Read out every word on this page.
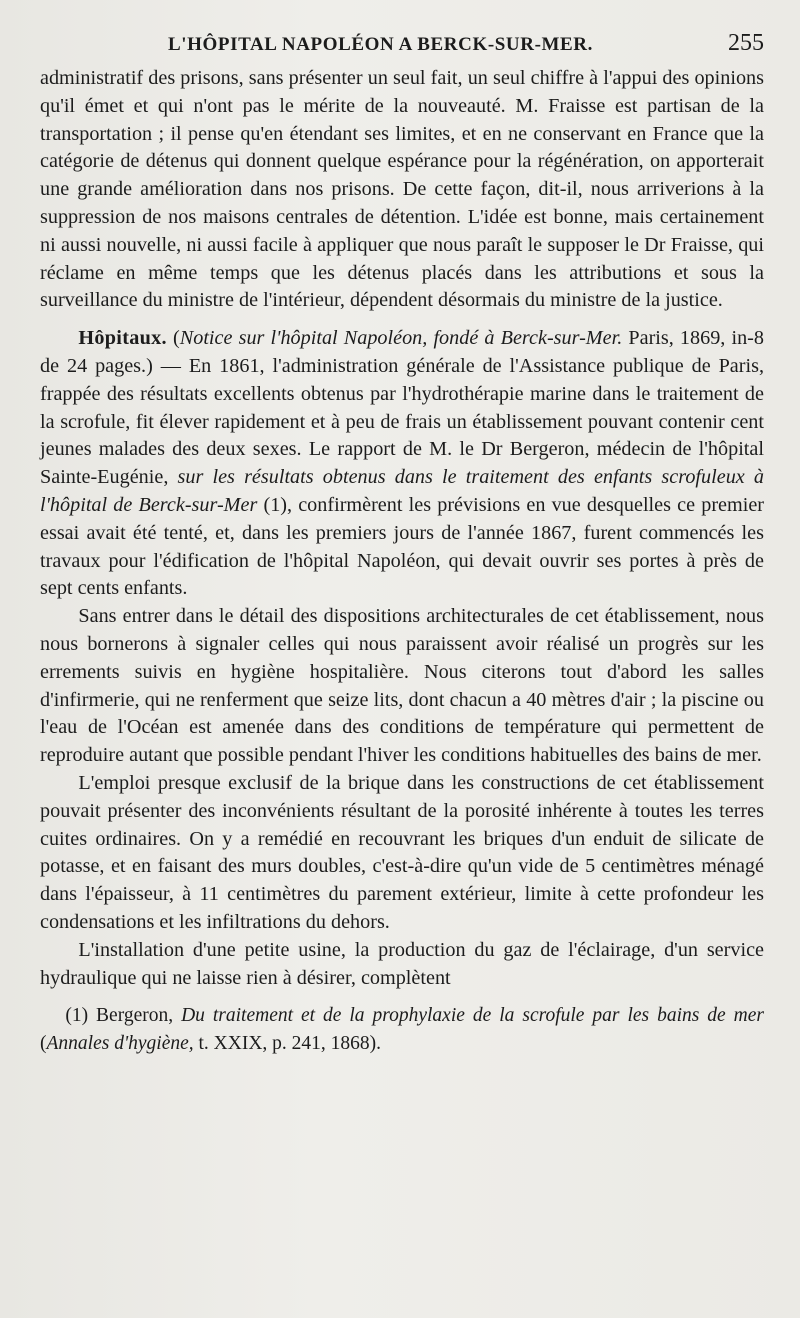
L'HÔPITAL NAPOLÉON A BERCK-SUR-MER.	255

administratif des prisons, sans présenter un seul fait, un seul chiffre à l'appui des opinions qu'il émet et qui n'ont pas le mérite de la nouveauté. M. Fraisse est partisan de la transportation ; il pense qu'en étendant ses limites, et en ne conservant en France que la catégorie de détenus qui donnent quelque espérance pour la régénération, on apporterait une grande amélioration dans nos prisons. De cette façon, dit-il, nous arriverions à la suppression de nos maisons centrales de détention. L'idée est bonne, mais certainement ni aussi nouvelle, ni aussi facile à appliquer que nous paraît le supposer le Dr Fraisse, qui réclame en même temps que les détenus placés dans les attributions et sous la surveillance du ministre de l'intérieur, dépendent désormais du ministre de la justice.

Hôpitaux. (Notice sur l'hôpital Napoléon, fondé à Berck-sur-Mer. Paris, 1869, in-8 de 24 pages.) — En 1861, l'administration générale de l'Assistance publique de Paris, frappée des résultats excellents obtenus par l'hydrothérapie marine dans le traitement de la scrofule, fit élever rapidement et à peu de frais un établissement pouvant contenir cent jeunes malades des deux sexes. Le rapport de M. le Dr Bergeron, médecin de l'hôpital Sainte-Eugénie, sur les résultats obtenus dans le traitement des enfants scrofuleux à l'hôpital de Berck-sur-Mer (1), confirmèrent les prévisions en vue desquelles ce premier essai avait été tenté, et, dans les premiers jours de l'année 1867, furent commencés les travaux pour l'édification de l'hôpital Napoléon, qui devait ouvrir ses portes à près de sept cents enfants.

Sans entrer dans le détail des dispositions architecturales de cet établissement, nous nous bornerons à signaler celles qui nous paraissent avoir réalisé un progrès sur les errements suivis en hygiène hospitalière. Nous citerons tout d'abord les salles d'infirmerie, qui ne renferment que seize lits, dont chacun a 40 mètres d'air ; la piscine ou l'eau de l'Océan est amenée dans des conditions de température qui permettent de reproduire autant que possible pendant l'hiver les conditions habituelles des bains de mer.

L'emploi presque exclusif de la brique dans les constructions de cet établissement pouvait présenter des inconvénients résultant de la porosité inhérente à toutes les terres cuites ordinaires. On y a remédié en recouvrant les briques d'un enduit de silicate de potasse, et en faisant des murs doubles, c'est-à-dire qu'un vide de 5 centimètres ménagé dans l'épaisseur, à 11 centimètres du parement extérieur, limite à cette profondeur les condensations et les infiltrations du dehors.

L'installation d'une petite usine, la production du gaz de l'éclairage, d'un service hydraulique qui ne laisse rien à désirer, complètent

(1) Bergeron, Du traitement et de la prophylaxie de la scrofule par les bains de mer (Annales d'hygiène, t. XXIX, p. 241, 1868).
